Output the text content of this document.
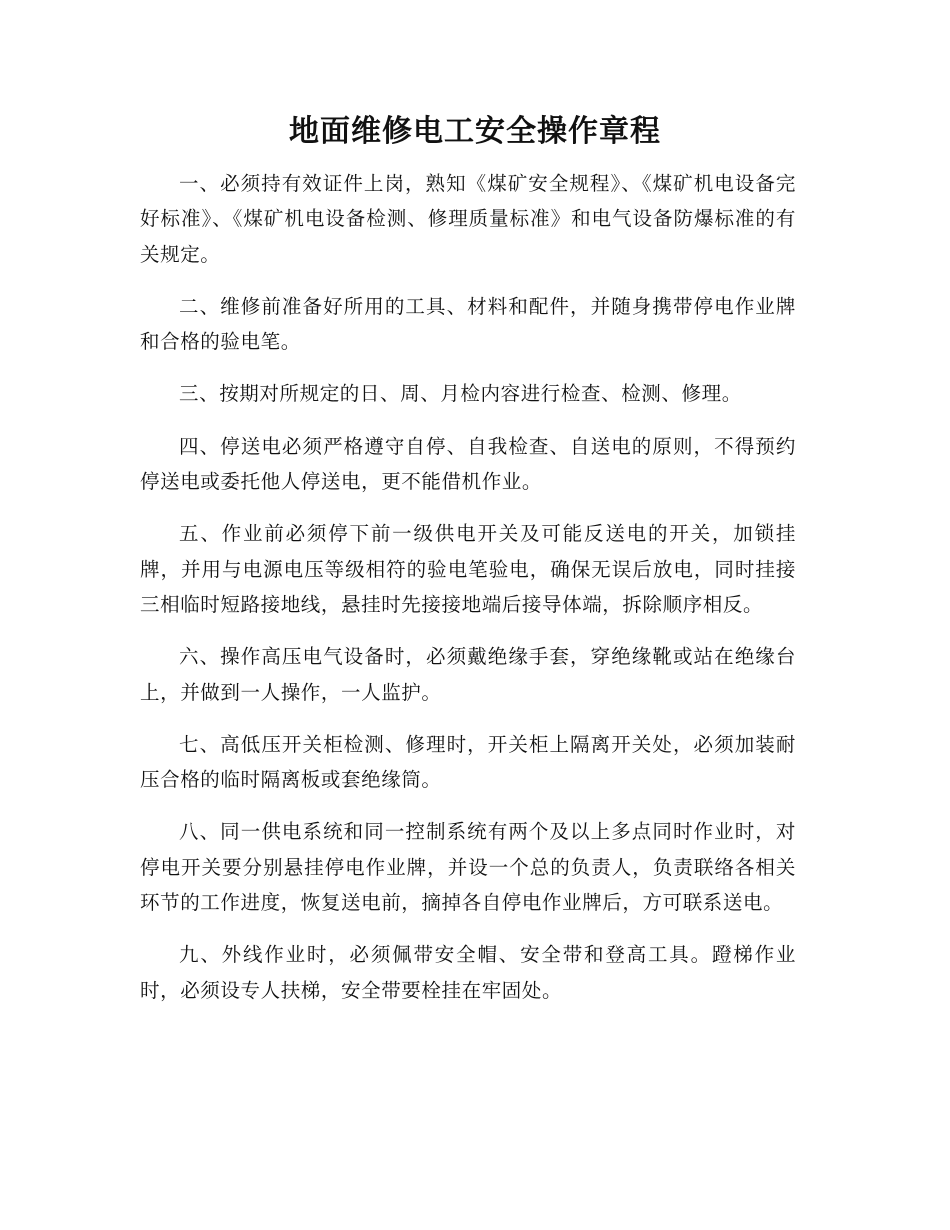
地面维修电工安全操作章程

一、必须持有效证件上岗，熟知《煤矿安全规程》、《煤矿机电设备完好标准》、《煤矿机电设备检测、修理质量标准》和电气设备防爆标准的有关规定。

二、维修前准备好所用的工具、材料和配件，并随身携带停电作业牌和合格的验电笔。

三、按期对所规定的日、周、月检内容进行检查、检测、修理。

四、停送电必须严格遵守自停、自我检查、自送电的原则，不得预约停送电或委托他人停送电，更不能借机作业。

五、作业前必须停下前一级供电开关及可能反送电的开关，加锁挂牌，并用与电源电压等级相符的验电笔验电，确保无误后放电，同时挂接三相临时短路接地线，悬挂时先接接地端后接导体端，拆除顺序相反。

六、操作高压电气设备时，必须戴绝缘手套，穿绝缘靴或站在绝缘台上，并做到一人操作，一人监护。

七、高低压开关柜检测、修理时，开关柜上隔离开关处，必须加装耐压合格的临时隔离板或套绝缘筒。

八、同一供电系统和同一控制系统有两个及以上多点同时作业时，对停电开关要分别悬挂停电作业牌，并设一个总的负责人，负责联络各相关环节的工作进度，恢复送电前，摘掉各自停电作业牌后，方可联系送电。

九、外线作业时，必须佩带安全帽、安全带和登高工具。蹬梯作业时，必须设专人扶梯，安全带要栓挂在牢固处。
